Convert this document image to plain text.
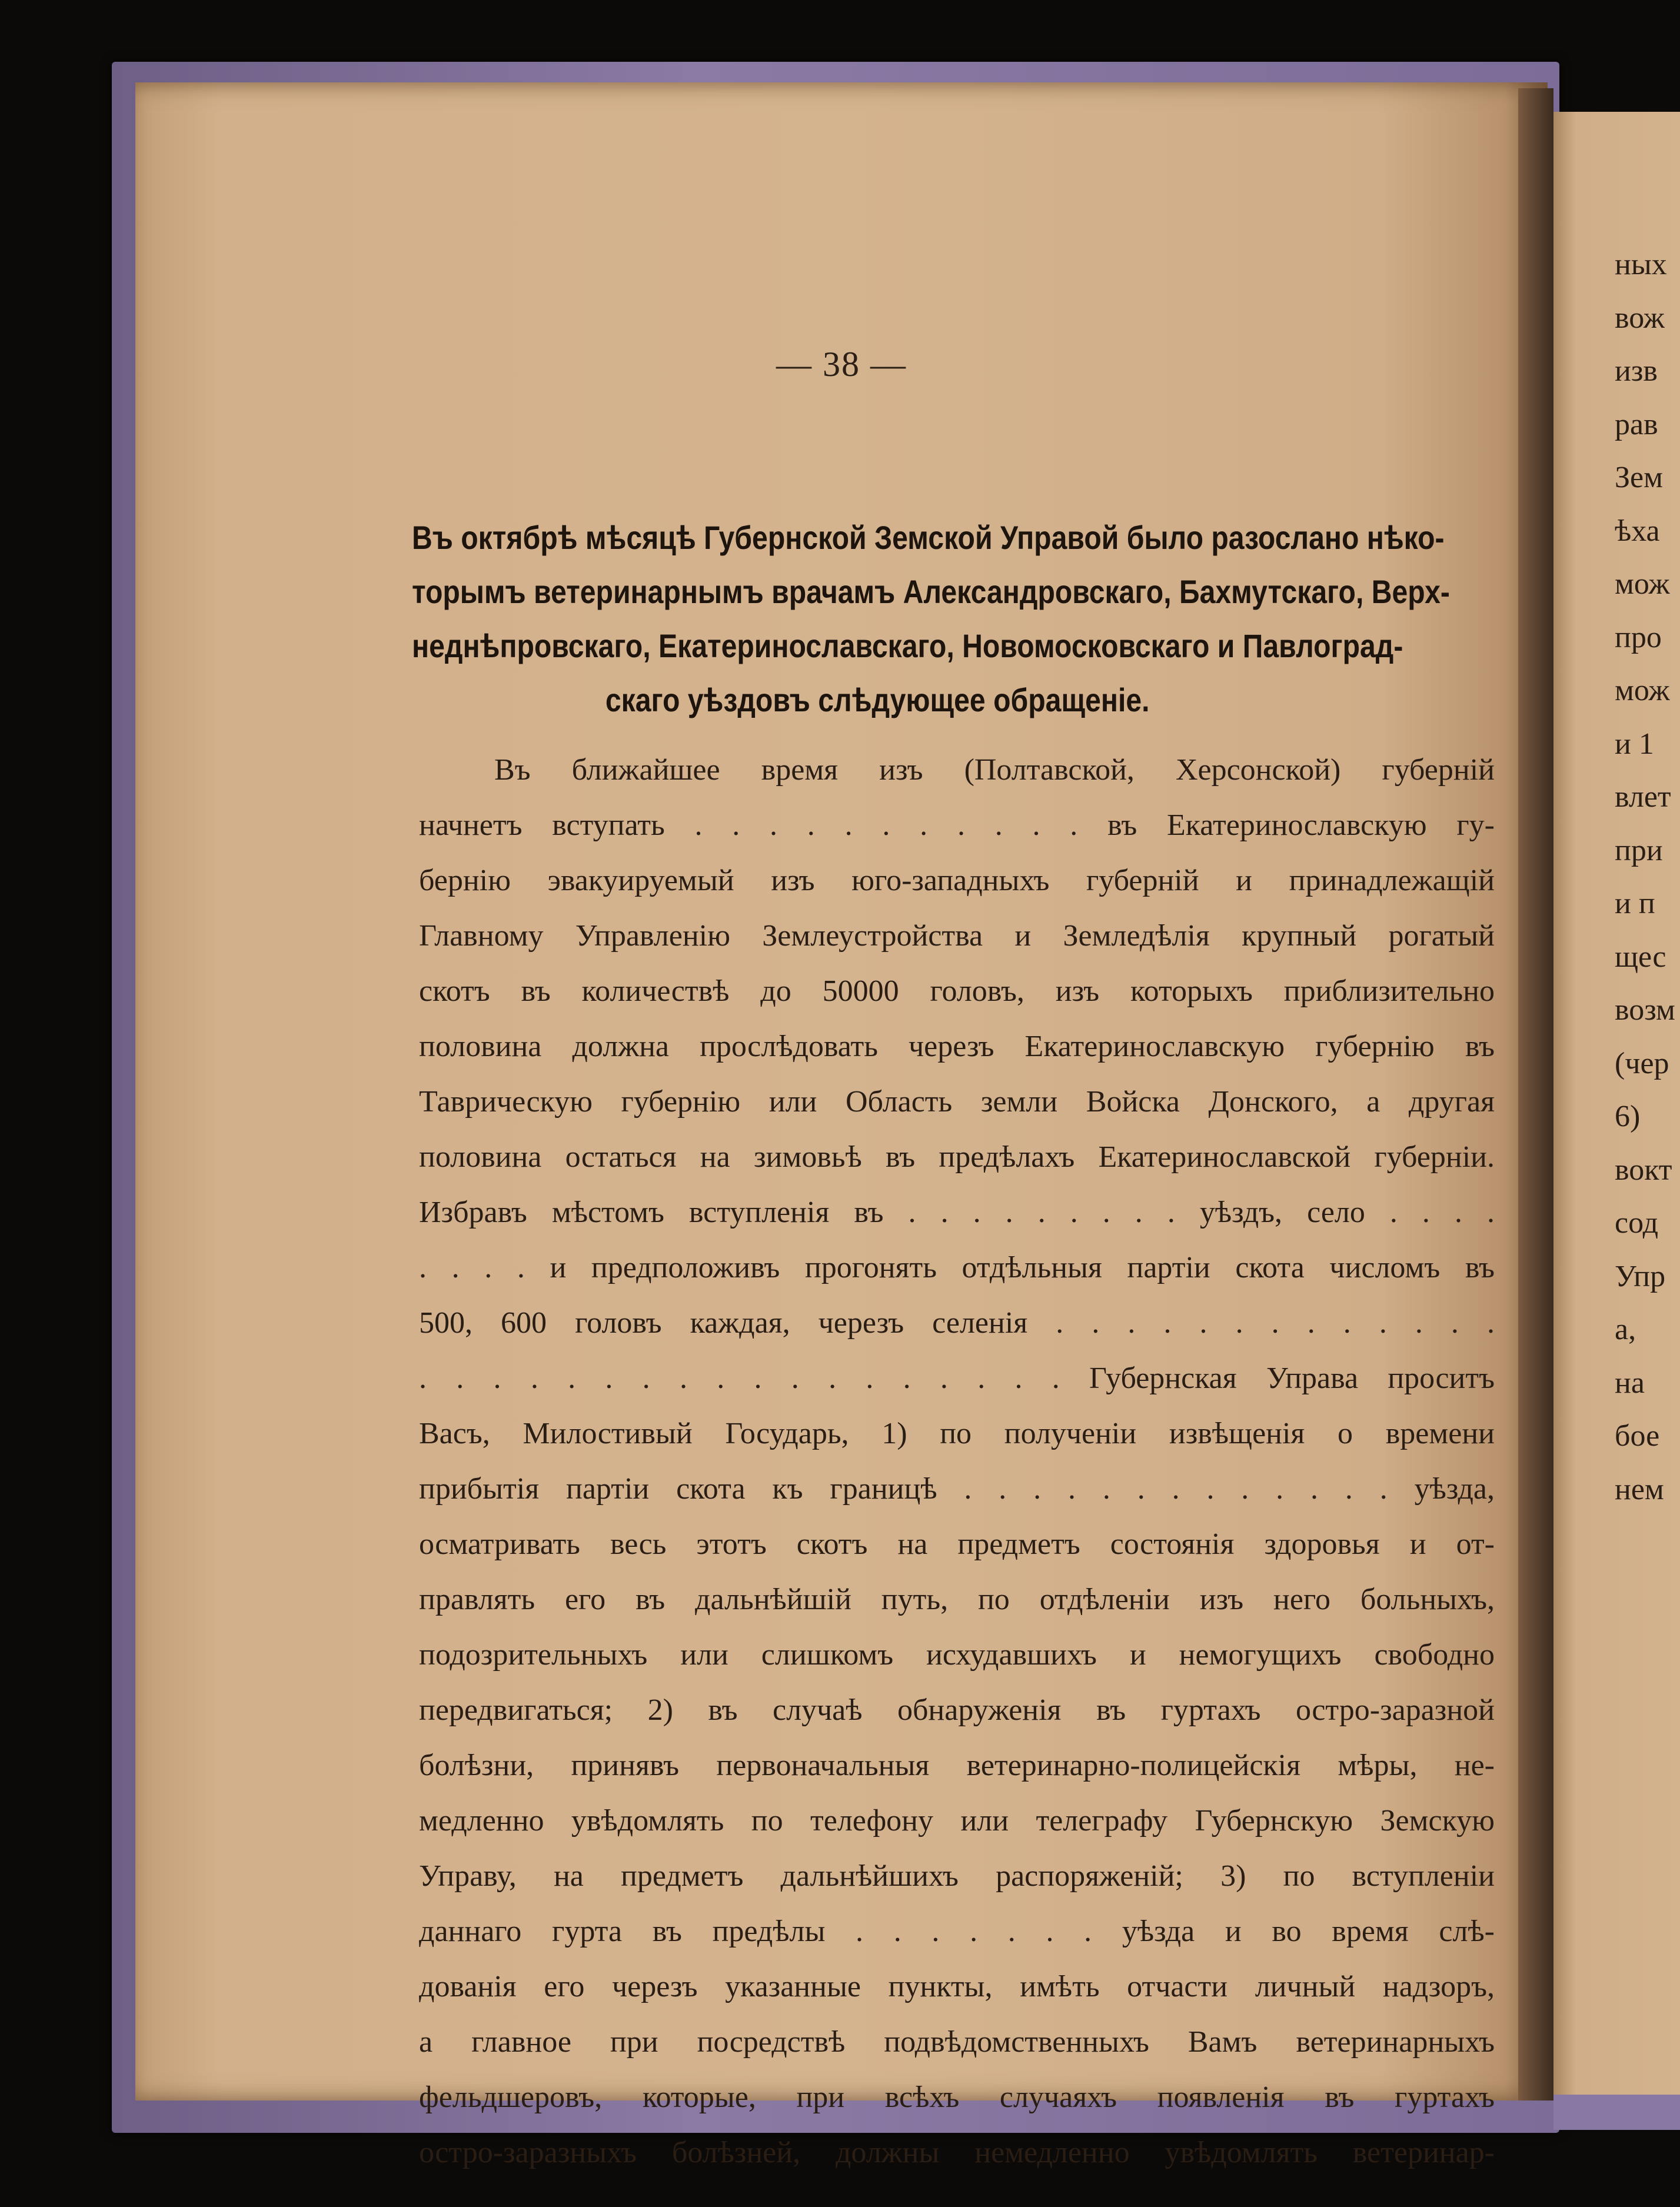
— 38 —
ных
вож
изв
рав
Зем
ѣха
мож
про
мож
и 1
влет
при
и п
щес
возм
(чер
6)
вокт
сод
Упр
а,
на
бое
нем
Въ октябрѣ мѣсяцѣ Губернской Земской Управой было разослано нѣко-
торымъ ветеринарнымъ врачамъ Александровскаго, Бахмутскаго, Верх-
неднѣпровскаго, Екатеринославскаго, Новомосковскаго и Павлоград-
скаго уѣздовъ слѣдующее обращеніе.
Въ ближайшее время изъ (Полтавской, Херсонской) губерній
начнетъ вступать . . . . . . . . . . . въ Екатеринославскую гу-
бернію эвакуируемый изъ юго-западныхъ губерній и принадлежащій
Главному Управленію Землеустройства и Земледѣлія крупный рогатый
скотъ въ количествѣ до 50000 головъ, изъ которыхъ приблизительно
половина должна прослѣдовать черезъ Екатеринославскую губернію въ
Таврическую губернію или Область земли Войска Донского, а другая
половина остаться на зимовьѣ въ предѣлахъ Екатеринославской губерніи.
Избравъ мѣстомъ вступленія въ . . . . . . . . . уѣздъ, село . . . .
. . . . и предположивъ прогонять отдѣльныя партіи скота числомъ въ
500, 600 головъ каждая, черезъ селенія . . . . . . . . . . . . .
. . . . . . . . . . . . . . . . . . Губернская Управа проситъ
Васъ, Милостивый Государь, 1) по полученіи извѣщенія о времени
прибытія партіи скота къ границѣ . . . . . . . . . . . . . уѣзда,
осматривать весь этотъ скотъ на предметъ состоянія здоровья и от-
правлять его въ дальнѣйшій путь, по отдѣленіи изъ него больныхъ,
подозрительныхъ или слишкомъ исхудавшихъ и немогущихъ свободно
передвигаться; 2) въ случаѣ обнаруженія въ гуртахъ остро-заразной
болѣзни, принявъ первоначальныя ветеринарно-полицейскія мѣры, не-
медленно увѣдомлять по телефону или телеграфу Губернскую Земскую
Управу, на предметъ дальнѣйшихъ распоряженій; 3) по вступленіи
даннаго гурта въ предѣлы . . . . . . . уѣзда и во время слѣ-
дованія его черезъ указанные пункты, имѣть отчасти личный надзоръ,
а главное при посредствѣ подвѣдомственныхъ Вамъ ветеринарныхъ
фельдшеровъ, которые, при всѣхъ случаяхъ появленія въ гуртахъ
остро-заразныхъ болѣзней, должны немедленно увѣдомлять ветеринар-
